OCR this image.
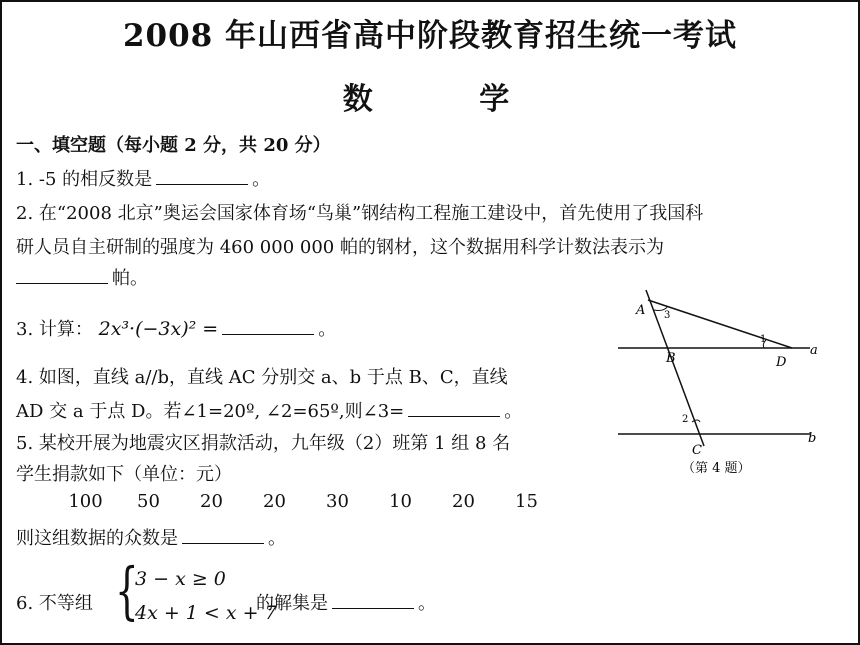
2008 年山西省高中阶段教育招生统一考试
数 学
一、填空题（每小题 2 分，共 20 分）
1. -5 的相反数是	。
2. 在“2008 北京”奥运会国家体育场“鸟巢”钢结构工程施工建设中，首先使用了我国科
研人员自主研制的强度为 460 000 000 帕的钢材，这个数据用科学计数法表示为
帕。
3. 计算： 2x³·(−3x)² =	。
4. 如图，直线 a//b，直线 AC 分别交 a、b 于点 B、C，直线
AD 交 a 于点 D。若∠1=20º, ∠2=65º,则∠3=	。
5. 某校开展为地震灾区捐款活动，九年级（2）班第 1 组 8 名
学生捐款如下（单位：元）
100 50 20 20 30 10 20 15
则这组数据的众数是	。
6. 不等组 {
3 − x ≥ 0
4x + 1 < x + 7
的解集是	。
A 3
1
B	D
a
2
C
b
（第 4 题）
